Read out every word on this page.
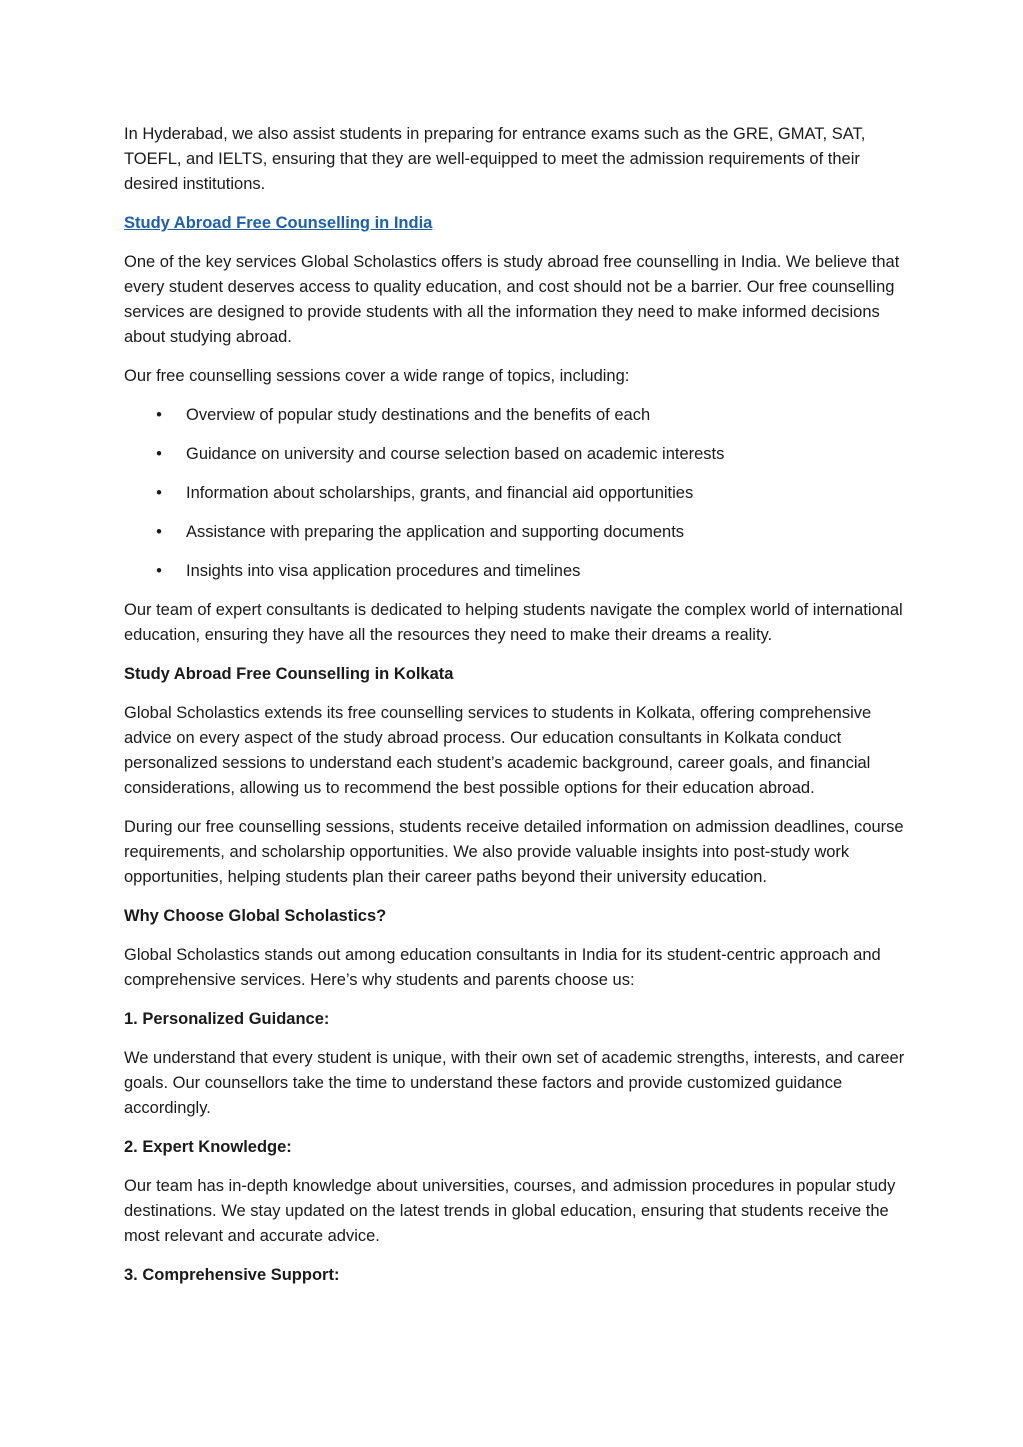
In Hyderabad, we also assist students in preparing for entrance exams such as the GRE, GMAT, SAT, TOEFL, and IELTS, ensuring that they are well-equipped to meet the admission requirements of their desired institutions.

Study Abroad Free Counselling in India

One of the key services Global Scholastics offers is study abroad free counselling in India. We believe that every student deserves access to quality education, and cost should not be a barrier. Our free counselling services are designed to provide students with all the information they need to make informed decisions about studying abroad.

Our free counselling sessions cover a wide range of topics, including:

• Overview of popular study destinations and the benefits of each
• Guidance on university and course selection based on academic interests
• Information about scholarships, grants, and financial aid opportunities
• Assistance with preparing the application and supporting documents
• Insights into visa application procedures and timelines

Our team of expert consultants is dedicated to helping students navigate the complex world of international education, ensuring they have all the resources they need to make their dreams a reality.

Study Abroad Free Counselling in Kolkata

Global Scholastics extends its free counselling services to students in Kolkata, offering comprehensive advice on every aspect of the study abroad process. Our education consultants in Kolkata conduct personalized sessions to understand each student’s academic background, career goals, and financial considerations, allowing us to recommend the best possible options for their education abroad.

During our free counselling sessions, students receive detailed information on admission deadlines, course requirements, and scholarship opportunities. We also provide valuable insights into post-study work opportunities, helping students plan their career paths beyond their university education.

Why Choose Global Scholastics?

Global Scholastics stands out among education consultants in India for its student-centric approach and comprehensive services. Here’s why students and parents choose us:

1. Personalized Guidance:

We understand that every student is unique, with their own set of academic strengths, interests, and career goals. Our counsellors take the time to understand these factors and provide customized guidance accordingly.

2. Expert Knowledge:

Our team has in-depth knowledge about universities, courses, and admission procedures in popular study destinations. We stay updated on the latest trends in global education, ensuring that students receive the most relevant and accurate advice.

3. Comprehensive Support:
